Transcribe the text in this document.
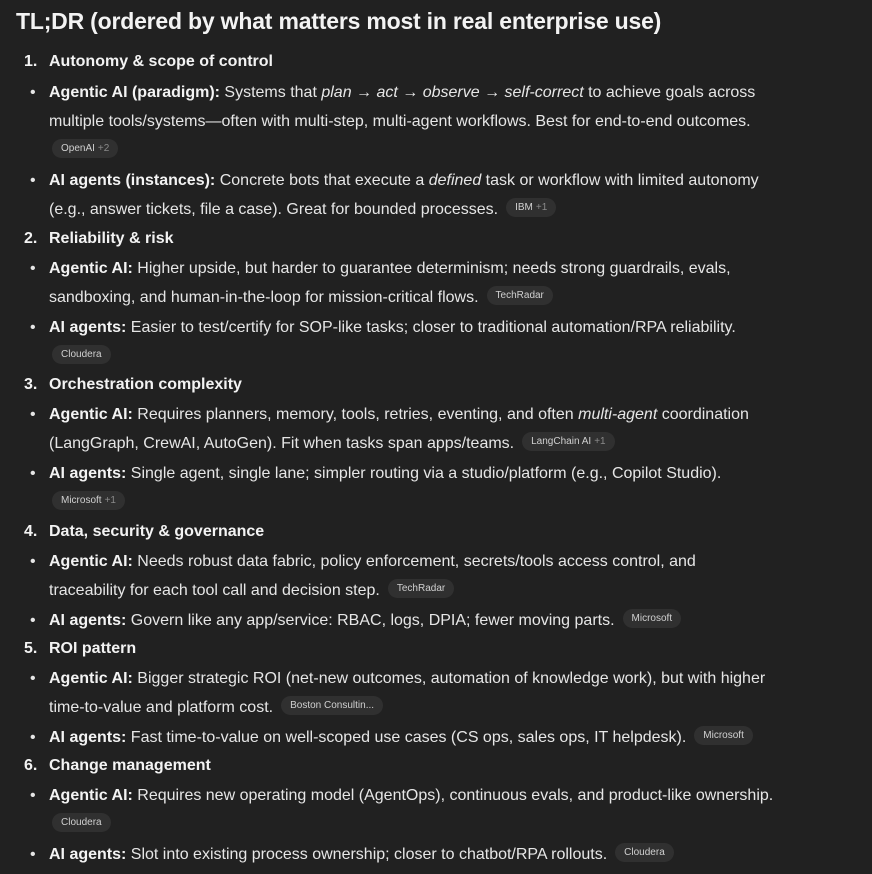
TL;DR (ordered by what matters most in real enterprise use)
1. Autonomy & scope of control
• Agentic AI (paradigm): Systems that plan → act → observe → self-correct to achieve goals across
multiple tools/systems—often with multi-step, multi-agent workflows. Best for end-to-end outcomes.
OpenAI +2
• AI agents (instances): Concrete bots that execute a defined task or workflow with limited autonomy
(e.g., answer tickets, file a case). Great for bounded processes. IBM +1
2. Reliability & risk
• Agentic AI: Higher upside, but harder to guarantee determinism; needs strong guardrails, evals,
sandboxing, and human-in-the-loop for mission-critical flows. TechRadar
• AI agents: Easier to test/certify for SOP-like tasks; closer to traditional automation/RPA reliability.
Cloudera
3. Orchestration complexity
• Agentic AI: Requires planners, memory, tools, retries, eventing, and often multi-agent coordination
(LangGraph, CrewAI, AutoGen). Fit when tasks span apps/teams. LangChain AI +1
• AI agents: Single agent, single lane; simpler routing via a studio/platform (e.g., Copilot Studio).
Microsoft +1
4. Data, security & governance
• Agentic AI: Needs robust data fabric, policy enforcement, secrets/tools access control, and
traceability for each tool call and decision step. TechRadar
• AI agents: Govern like any app/service: RBAC, logs, DPIA; fewer moving parts. Microsoft
5. ROI pattern
• Agentic AI: Bigger strategic ROI (net-new outcomes, automation of knowledge work), but with higher
time-to-value and platform cost. Boston Consultin...
• AI agents: Fast time-to-value on well-scoped use cases (CS ops, sales ops, IT helpdesk). Microsoft
6. Change management
• Agentic AI: Requires new operating model (AgentOps), continuous evals, and product-like ownership.
Cloudera
• AI agents: Slot into existing process ownership; closer to chatbot/RPA rollouts. Cloudera
